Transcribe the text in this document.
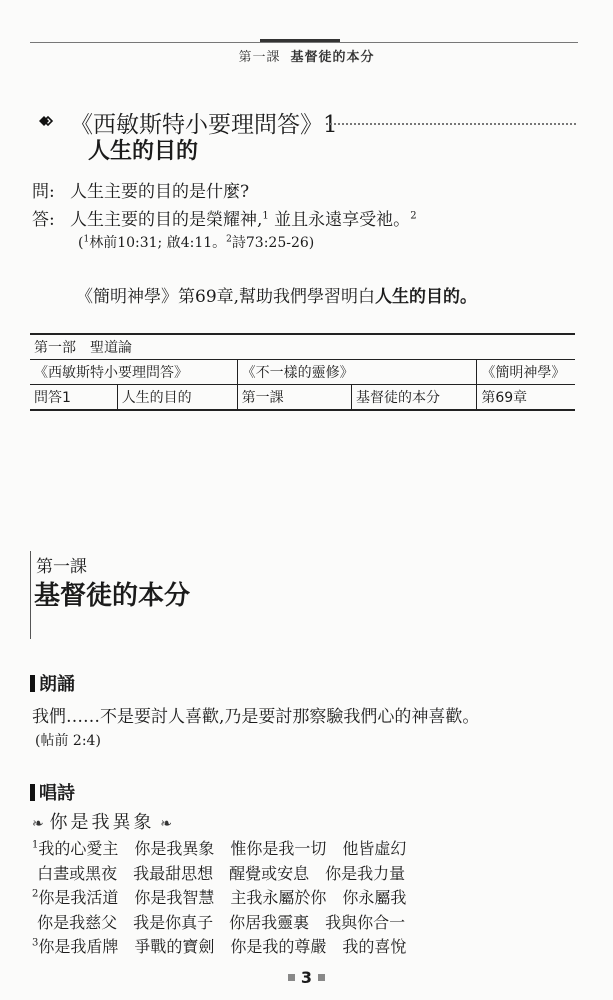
第一課 基督徒的本分
《西敏斯特小要理問答》1
人生的目的
問: 人生主要的目的是什麼?
答: 人生主要的目的是榮耀神,$^1$ 並且永遠享受祂。$^2$
($^1$林前10:31; 啟4:11。$^2$詩73:25-26)
《簡明神學》第69章,幫助我們學習明白人生的目的。
第一部　聖道論				
《西敏斯特小要理問答》		《不一樣的靈修》		《簡明神學》
問答1	人生的目的	第一課	基督徒的本分	第69章
第一課
基督徒的本分
朗誦
我們……不是要討人喜歡,乃是要討那察驗我們心的神喜歡。
(帖前 2:4)
唱詩
❧ 你是我異象 ❧
$^1$我的心愛主　你是我異象　惟你是我一切　他皆虛幻
白晝或黑夜　我最甜思想　醒覺或安息　你是我力量
$^2$你是我活道　你是我智慧　主我永屬於你　你永屬我
你是我慈父　我是你真子　你居我靈裏　我與你合一
$^3$你是我盾牌　爭戰的寶劍　你是我的尊嚴　我的喜悅
3
